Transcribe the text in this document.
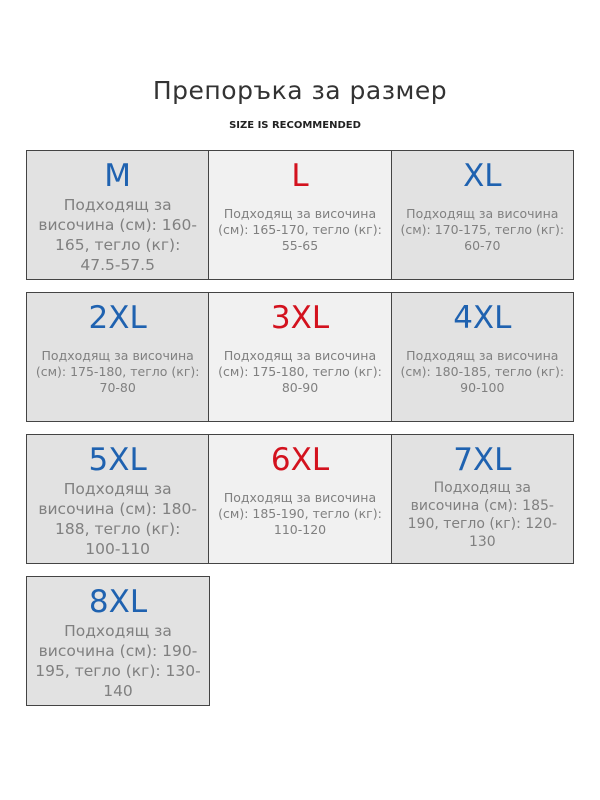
Препоръка за размер
SIZE IS RECOMMENDED
M
Подходящ за височина (см): 160-165, тегло (кг): 47.5-57.5
L
Подходящ за височина (см): 165-170, тегло (кг): 55-65
XL
Подходящ за височина (см): 170-175, тегло (кг): 60-70
2XL
Подходящ за височина (см): 175-180, тегло (кг): 70-80
3XL
Подходящ за височина (см): 175-180, тегло (кг): 80-90
4XL
Подходящ за височина (см): 180-185, тегло (кг): 90-100
5XL
Подходящ за височина (см): 180-188, тегло (кг): 100-110
6XL
Подходящ за височина (см): 185-190, тегло (кг): 110-120
7XL
Подходящ за височина (см): 185-190, тегло (кг): 120-130
8XL
Подходящ за височина (см): 190-195, тегло (кг): 130-140
